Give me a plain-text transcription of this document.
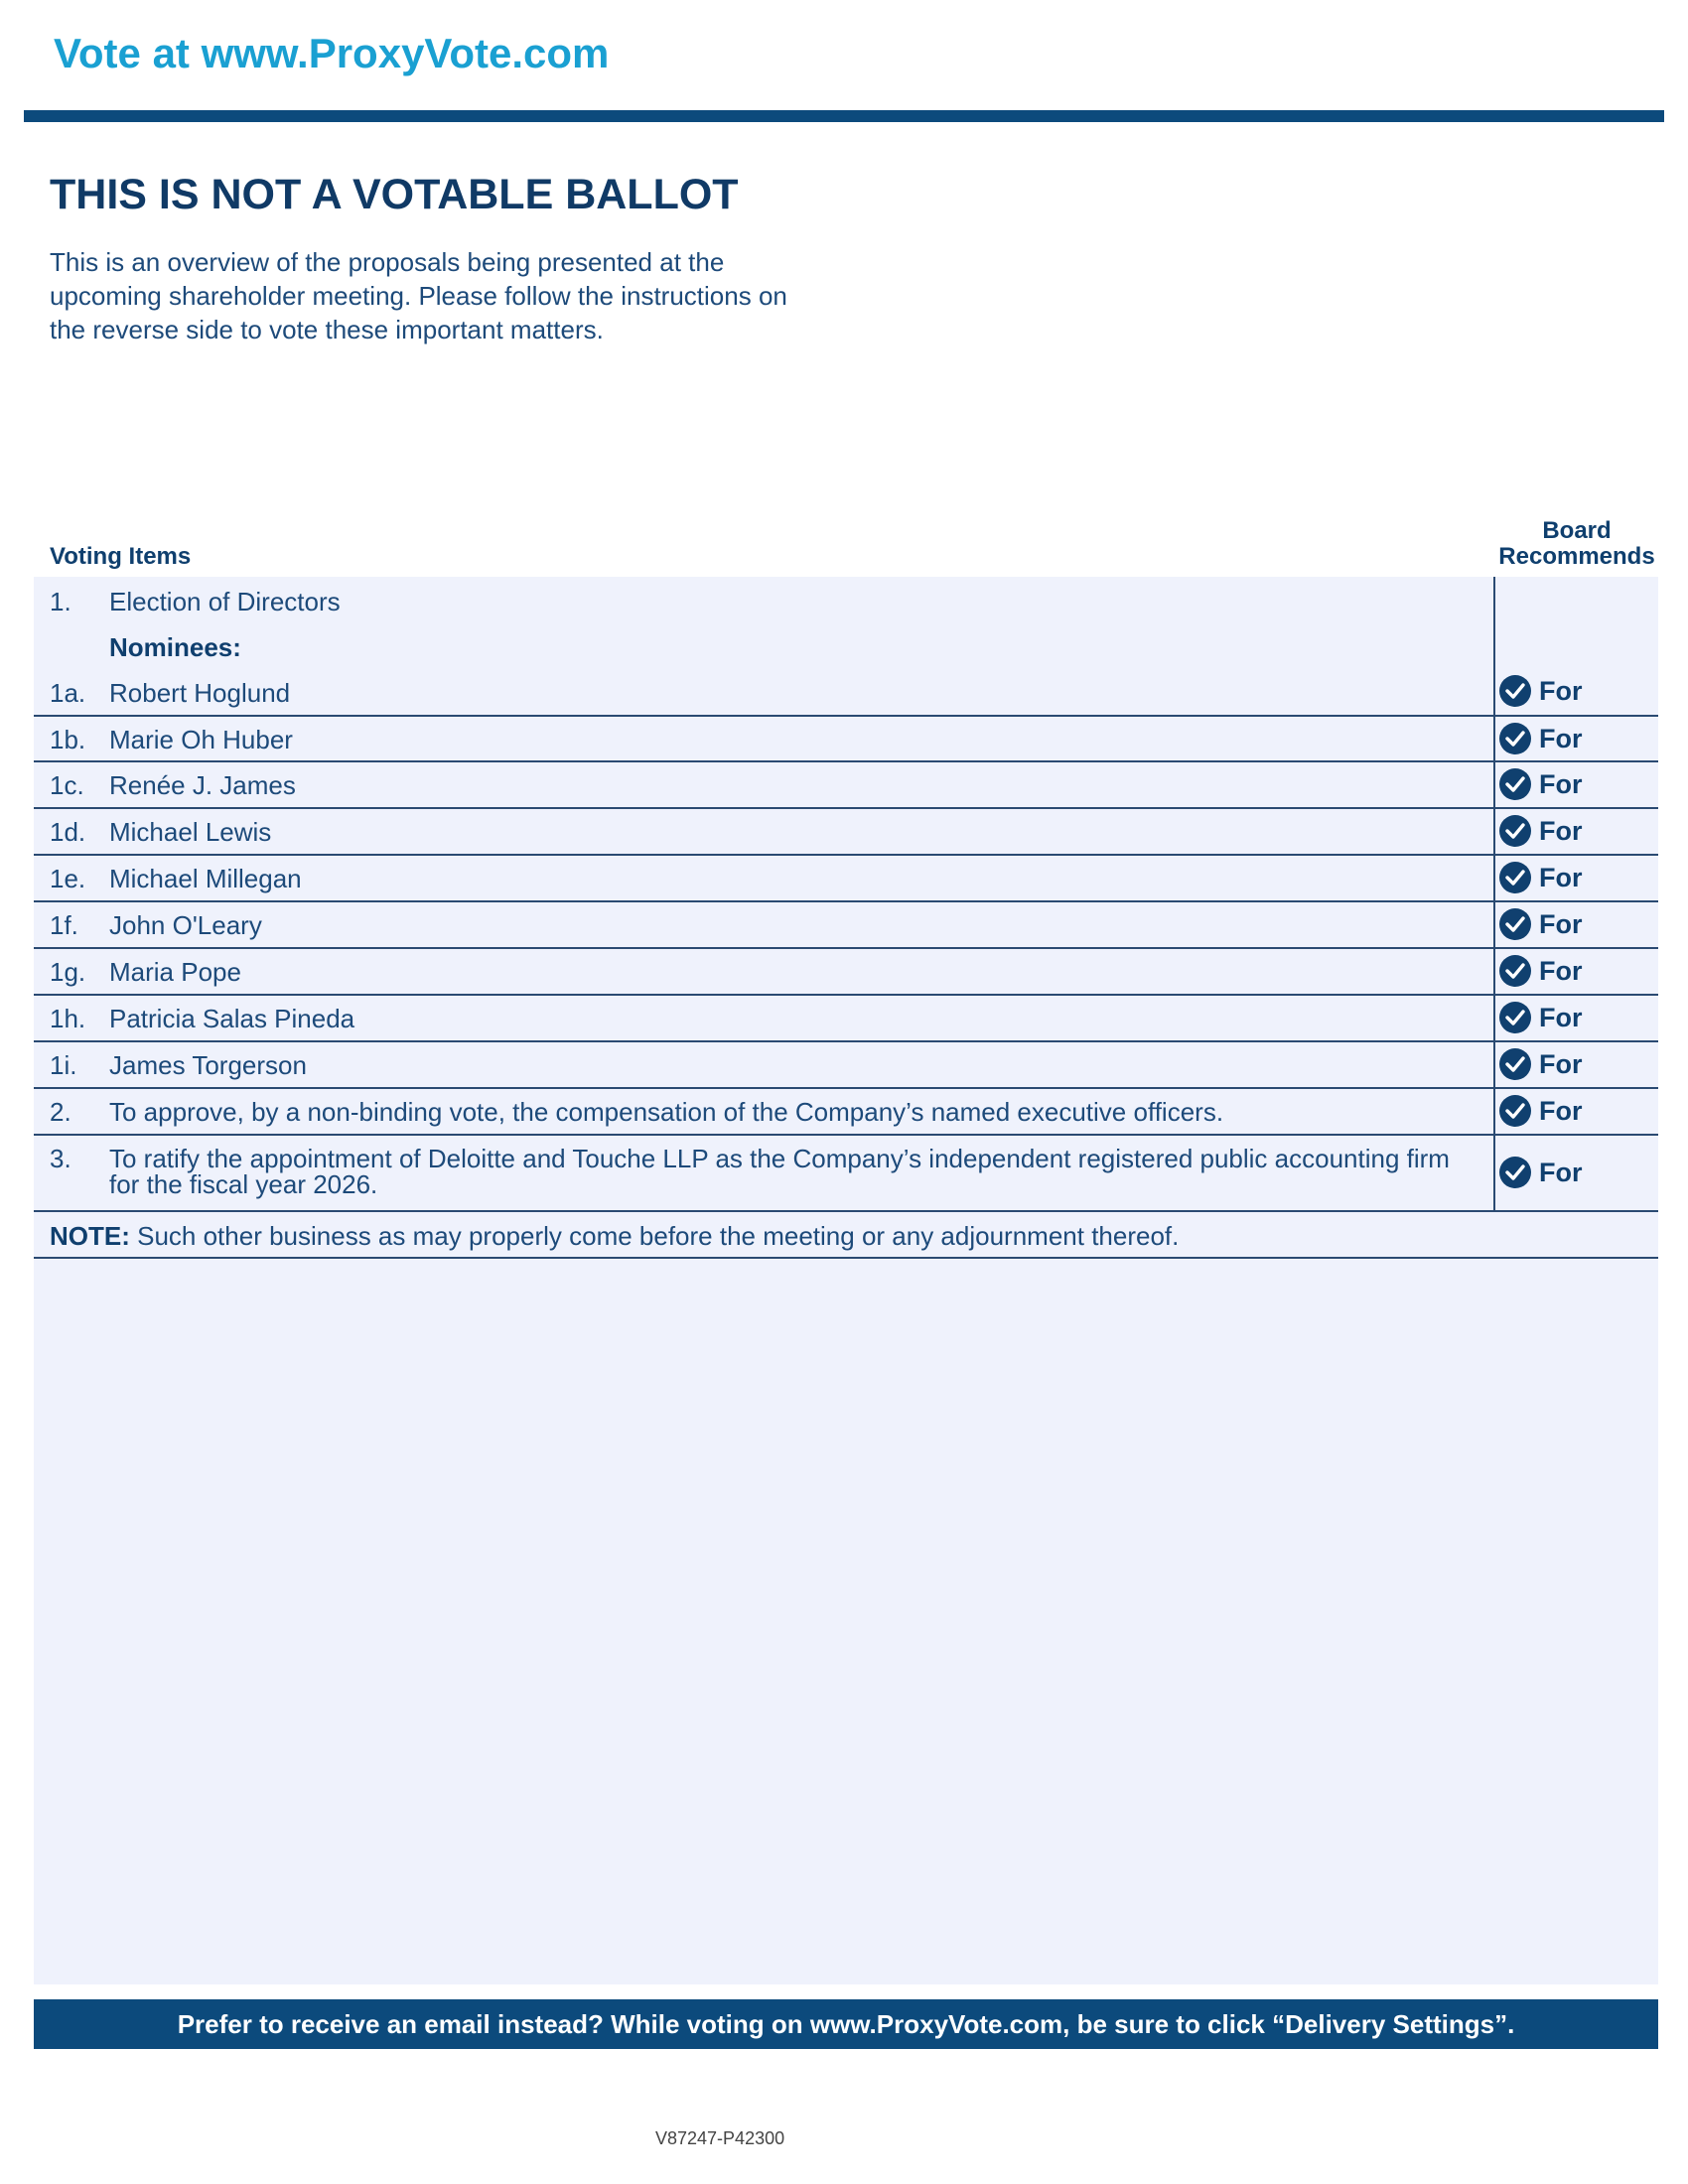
Vote at www.ProxyVote.com
THIS IS NOT A VOTABLE BALLOT
This is an overview of the proposals being presented at the
upcoming shareholder meeting. Please follow the instructions on
the reverse side to vote these important matters.
Voting Items
Board
Recommends
1. Election of Directors
Nominees:
1a. Robert Hoglund	For
1b. Marie Oh Huber	For
1c. Renée J. James	For
1d. Michael Lewis	For
1e. Michael Millegan	For
1f. John O'Leary	For
1g. Maria Pope	For
1h. Patricia Salas Pineda	For
1i. James Torgerson	For
2. To approve, by a non-binding vote, the compensation of the Company’s named executive officers.	For
3. To ratify the appointment of Deloitte and Touche LLP as the Company’s independent registered public accounting firm
for the fiscal year 2026.	For
NOTE: Such other business as may properly come before the meeting or any adjournment thereof.
Prefer to receive an email instead? While voting on www.ProxyVote.com, be sure to click “Delivery Settings”.
V87247-P42300
